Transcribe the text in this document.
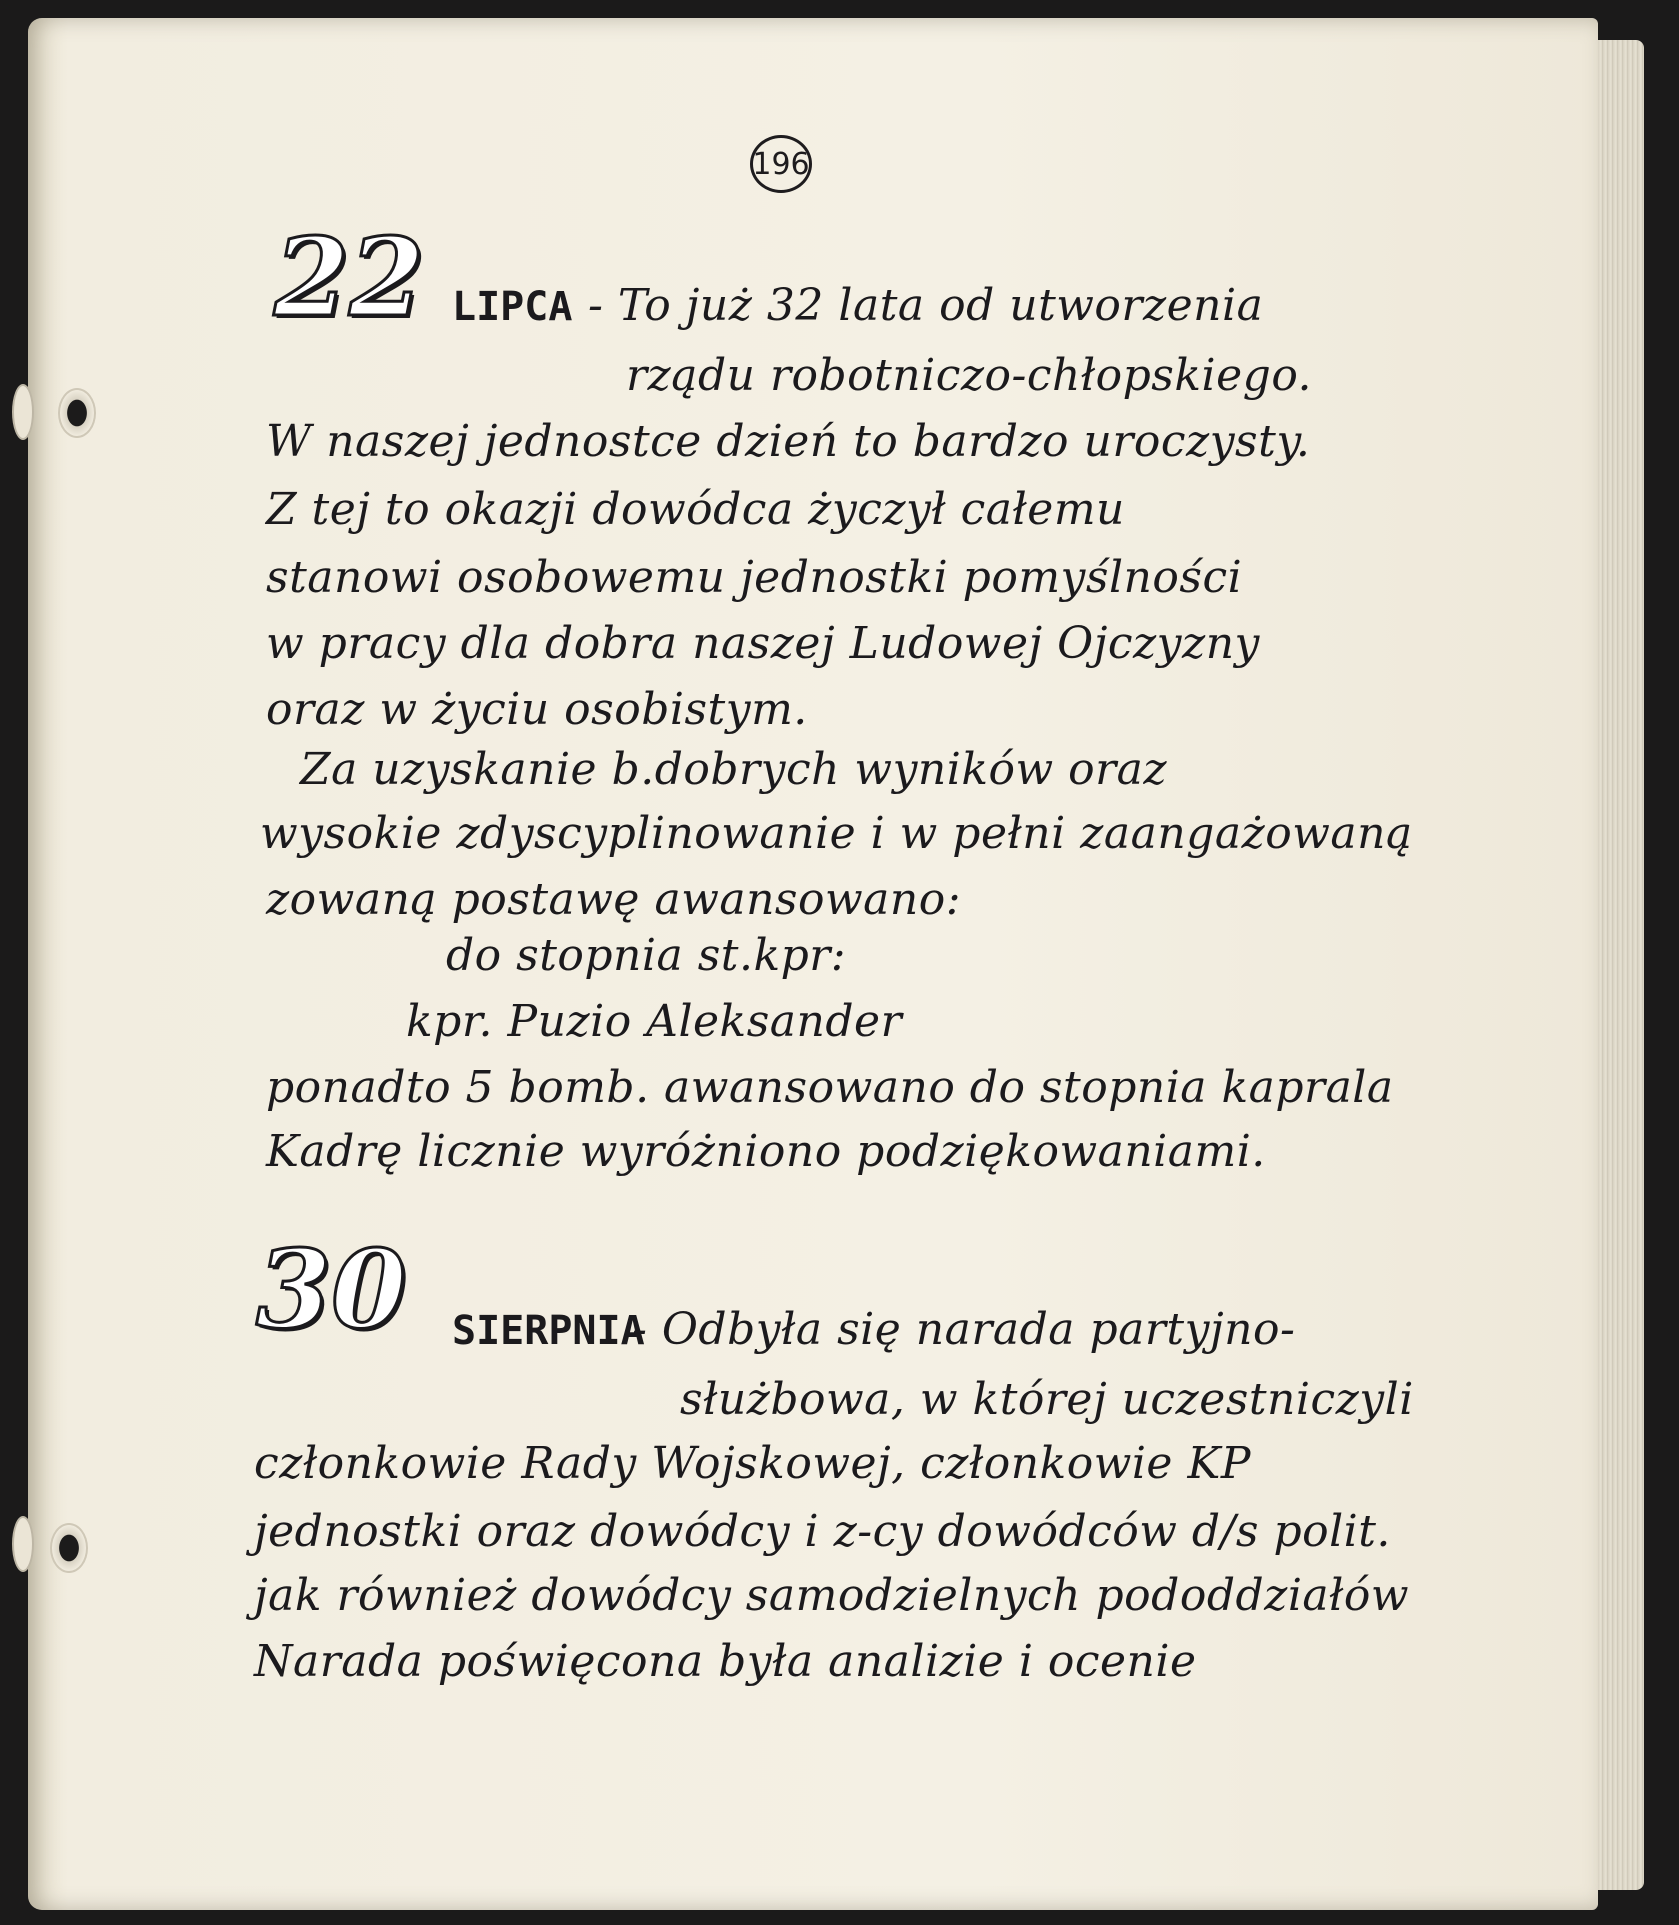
196
22 LIPCA - To już 32 lata od utworzenia
rządu robotniczo-chłopskiego.
W naszej jednostce dzień to bardzo uroczysty.
Z tej to okazji dowódca życzył całemu
stanowi osobowemu jednostki pomyślności
w pracy dla dobra naszej Ludowej Ojczyzny
oraz w życiu osobistym.
Za uzyskanie b.dobrych wyników oraz
wysokie zdyscyplinowanie i w pełni zaangażowaną
zowaną postawę awansowano:
do stopnia st.kpr:
kpr. Puzio Aleksander
ponadto 5 bomb. awansowano do stopnia kaprala
Kadrę licznie wyróżniono podziękowaniami.
30 SIERPNIA
- Odbyła się narada partyjno-
służbowa, w której uczestniczyli
członkowie Rady Wojskowej, członkowie KP
jednostki oraz dowódcy i z-cy dowódców d/s polit.
jak również dowódcy samodzielnych pododdziałów
Narada poświęcona była analizie i ocenie
